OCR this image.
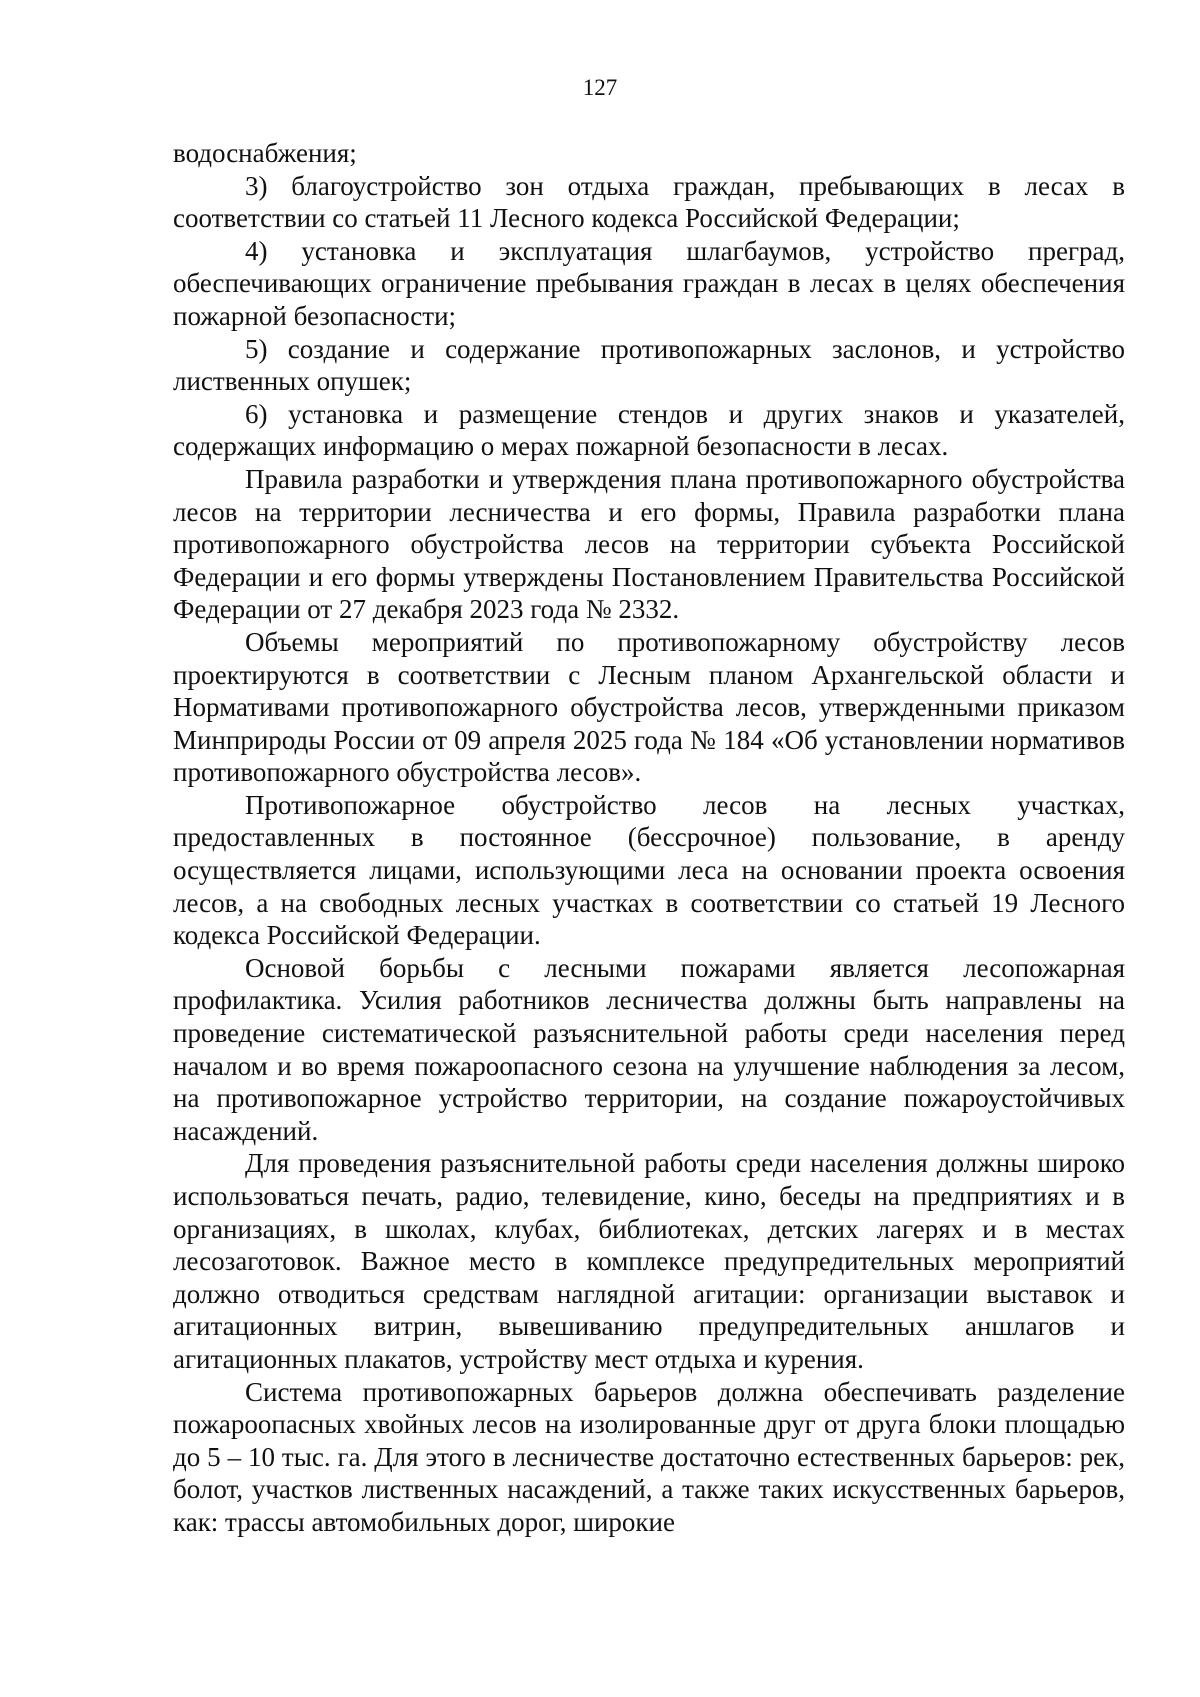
127

водоснабжения;

3) благоустройство зон отдыха граждан, пребывающих в лесах в соответствии со статьей 11 Лесного кодекса Российской Федерации;

4) установка и эксплуатация шлагбаумов, устройство преград, обеспечивающих ограничение пребывания граждан в лесах в целях обеспечения пожарной безопасности;

5) создание и содержание противопожарных заслонов, и устройство лиственных опушек;

6) установка и размещение стендов и других знаков и указателей, содержащих информацию о мерах пожарной безопасности в лесах.

Правила разработки и утверждения плана противопожарного обустройства лесов на территории лесничества и его формы, Правила разработки плана противопожарного обустройства лесов на территории субъекта Российской Федерации и его формы утверждены Постановлением Правительства Российской Федерации от 27 декабря 2023 года № 2332.

Объемы мероприятий по противопожарному обустройству лесов проектируются в соответствии с Лесным планом Архангельской области и Нормативами противопожарного обустройства лесов, утвержденными приказом Минприроды России от 09 апреля 2025 года № 184 «Об установлении нормативов противопожарного обустройства лесов».

Противопожарное обустройство лесов на лесных участках, предоставленных в постоянное (бессрочное) пользование, в аренду осуществляется лицами, использующими леса на основании проекта освоения лесов, а на свободных лесных участках в соответствии со статьей 19 Лесного кодекса Российской Федерации.

Основой борьбы с лесными пожарами является лесопожарная профилактика. Усилия работников лесничества должны быть направлены на проведение систематической разъяснительной работы среди населения перед началом и во время пожароопасного сезона на улучшение наблюдения за лесом, на противопожарное устройство территории, на создание пожароустойчивых насаждений.

Для проведения разъяснительной работы среди населения должны широко использоваться печать, радио, телевидение, кино, беседы на предприятиях и в организациях, в школах, клубах, библиотеках, детских лагерях и в местах лесозаготовок. Важное место в комплексе предупредительных мероприятий должно отводиться средствам наглядной агитации: организации выставок и агитационных витрин, вывешиванию предупредительных аншлагов и агитационных плакатов, устройству мест отдыха и курения.

Система противопожарных барьеров должна обеспечивать разделение пожароопасных хвойных лесов на изолированные друг от друга блоки площадью до 5 – 10 тыс. га. Для этого в лесничестве достаточно естественных барьеров: рек, болот, участков лиственных насаждений, а также таких искусственных барьеров, как: трассы автомобильных дорог, широкие
